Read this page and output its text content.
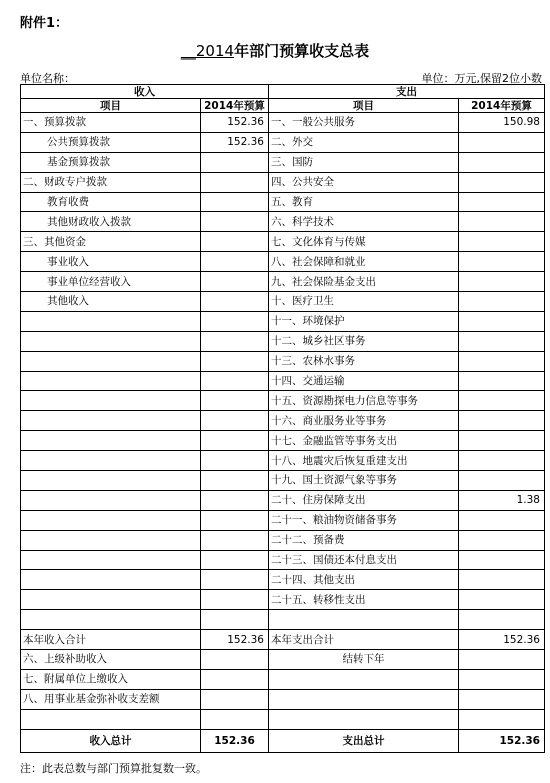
附件1：
__2014年部门预算收支总表
单位名称：	单位：万元,保留2位小数
收入		支出	
项目	2014年预算	项目	2014年预算
一、预算拨款	152.36	一、一般公共服务	150.98
公共预算拨款	152.36	二、外交	
基金预算拨款		三、国防	
二、财政专户拨款		四、公共安全	
教育收费		五、教育	
其他财政收入拨款		六、科学技术	
三、其他资金		七、文化体育与传媒	
事业收入		八、社会保障和就业	
事业单位经营收入		九、社会保险基金支出	
其他收入		十、医疗卫生	
		十一、环境保护	
		十二、城乡社区事务	
		十三、农林水事务	
		十四、交通运输	
		十五、资源勘探电力信息等事务	
		十六、商业服务业等事务	
		十七、金融监管等事务支出	
		十八、地震灾后恢复重建支出	
		十九、国土资源气象等事务	
		二十、住房保障支出	1.38
		二十一、粮油物资储备事务	
		二十二、预备费	
		二十三、国债还本付息支出	
		二十四、其他支出	
		二十五、转移性支出	

本年收入合计	152.36	本年支出合计	152.36
六、上级补助收入		结转下年	
七、附属单位上缴收入			
八、用事业基金弥补收支差额			

收入总计	152.36	支出总计	152.36
注：此表总数与部门预算批复数一致。
